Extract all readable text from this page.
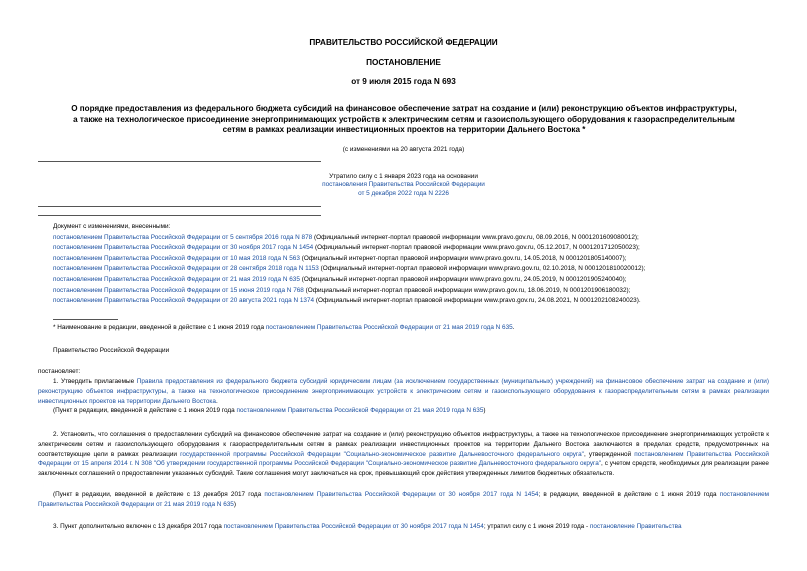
ПРАВИТЕЛЬСТВО РОССИЙСКОЙ ФЕДЕРАЦИИ
ПОСТАНОВЛЕНИЕ
от 9 июля 2015 года N 693
О порядке предоставления из федерального бюджета субсидий на финансовое обеспечение затрат на создание и (или) реконструкцию объектов инфраструктуры,
а также на технологическое присоединение энергопринимающих устройств к электрическим сетям и газоиспользующего оборудования к газораспределительным
сетям в рамках реализации инвестиционных проектов на территории Дальнего Востока *
(с изменениями на 20 августа 2021 года)
Утратило силу с 1 января 2023 года на основании
постановления Правительства Российской Федерации
от 5 декабря 2022 года N 2226
Документ с изменениями, внесенными:
постановлением Правительства Российской Федерации от 5 сентября 2016 года N 878 (Официальный интернет-портал правовой информации www.pravo.gov.ru, 08.09.2016, N 0001201609080012);
постановлением Правительства Российской Федерации от 30 ноября 2017 года N 1454 (Официальный интернет-портал правовой информации www.pravo.gov.ru, 05.12.2017, N 0001201712050023);
постановлением Правительства Российской Федерации от 10 мая 2018 года N 563 (Официальный интернет-портал правовой информации www.pravo.gov.ru, 14.05.2018, N 0001201805140007);
постановлением Правительства Российской Федерации от 28 сентября 2018 года N 1153 (Официальный интернет-портал правовой информации www.pravo.gov.ru, 02.10.2018, N 0001201810020012);
постановлением Правительства Российской Федерации от 21 мая 2019 года N 635 (Официальный интернет-портал правовой информации www.pravo.gov.ru, 24.05.2019, N 0001201905240040);
постановлением Правительства Российской Федерации от 15 июня 2019 года N 768 (Официальный интернет-портал правовой информации www.pravo.gov.ru, 18.06.2019, N 0001201906180032);
постановлением Правительства Российской Федерации от 20 августа 2021 года N 1374 (Официальный интернет-портал правовой информации www.pravo.gov.ru, 24.08.2021, N 0001202108240023).
* Наименование в редакции, введенной в действие с 1 июня 2019 года постановлением Правительства Российской Федерации от 21 мая 2019 года N 635.
Правительство Российской Федерации
постановляет:
1. Утвердить прилагаемые Правила предоставления из федерального бюджета субсидий юридическим лицам (за исключением государственных (муниципальных) учреждений) на финансовое обеспечение затрат на создание и (или) реконструкцию объектов инфраструктуры, а также на технологическое присоединение энергопринимающих устройств к электрическим сетям и газоиспользующего оборудования к газораспределительным сетям в рамках реализации инвестиционных проектов на территории Дальнего Востока.
(Пункт в редакции, введенной в действие с 1 июня 2019 года постановлением Правительства Российской Федерации от 21 мая 2019 года N 635)
2. Установить, что соглашения о предоставлении субсидий на финансовое обеспечение затрат на создание и (или) реконструкцию объектов инфраструктуры, а также на технологическое присоединение энергопринимающих устройств к электрическим сетям и газоиспользующего оборудования к газораспределительным сетям в рамках реализации инвестиционных проектов на территории Дальнего Востока заключаются в пределах средств, предусмотренных на соответствующие цели в рамках реализации государственной программы Российской Федерации "Социально-экономическое развитие Дальневосточного федерального округа", утвержденной постановлением Правительства Российской Федерации от 15 апреля 2014 г. N 308 "Об утверждении государственной программы Российской Федерации "Социально-экономическое развитие Дальневосточного федерального округа", с учетом средств, необходимых для реализации ранее заключенных соглашений о предоставлении указанных субсидий. Такие соглашения могут заключаться на срок, превышающий срок действия утвержденных лимитов бюджетных обязательств.
(Пункт в редакции, введенной в действие с 13 декабря 2017 года постановлением Правительства Российской Федерации от 30 ноября 2017 года N 1454; в редакции, введенной в действие с 1 июня 2019 года постановлением Правительства Российской Федерации от 21 мая 2019 года N 635)
3. Пункт дополнительно включен с 13 декабря 2017 года постановлением Правительства Российской Федерации от 30 ноября 2017 года N 1454; утратил силу с 1 июня 2019 года - постановление Правительства
